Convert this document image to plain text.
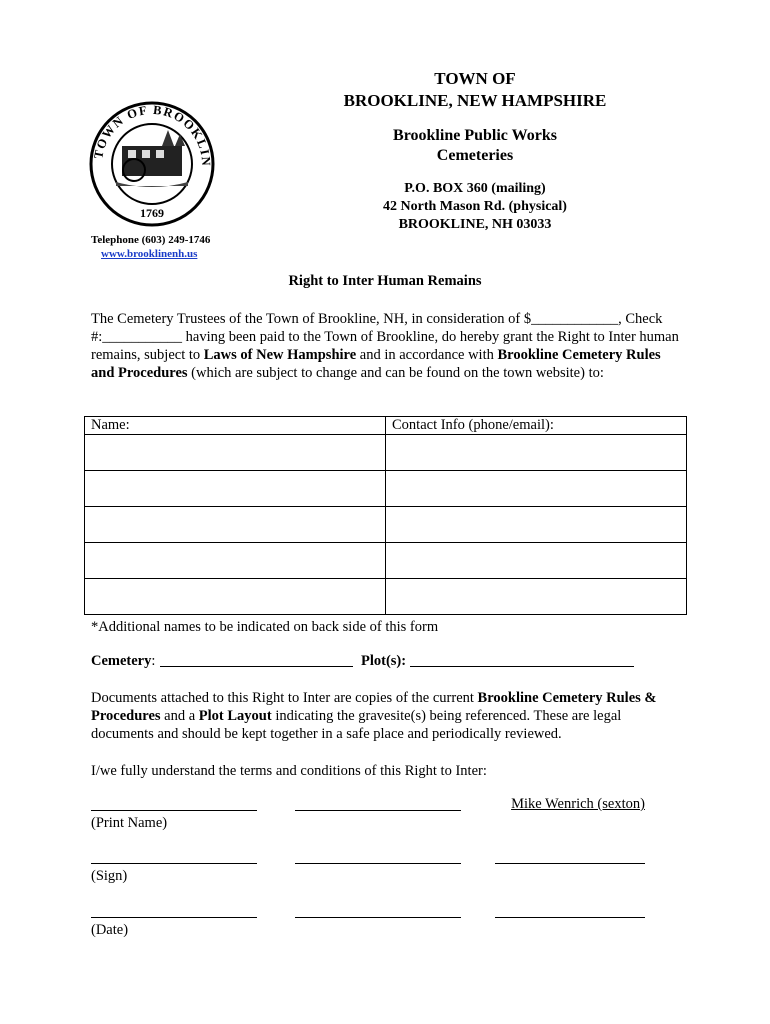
TOWN OF BROOKLIN
1769
TOWN OF
BROOKLINE, NEW HAMPSHIRE
Brookline Public Works
Cemeteries
P.O. BOX 360 (mailing)
42 North Mason Rd. (physical)
BROOKLINE, NH 03033
Telephone (603) 249-1746
www.brooklinenh.us
Right to Inter Human Remains
The Cemetery Trustees of the Town of Brookline, NH, in consideration of $____________, Check #:___________ having been paid to the Town of Brookline, do hereby grant the Right to Inter human remains, subject to Laws of New Hampshire and in accordance with Brookline Cemetery Rules and Procedures (which are subject to change and can be found on the town website) to:
Name:	Contact Info (phone/email):

*Additional names to be indicated on back side of this form
Cemetery:	Plot(s):
Documents attached to this Right to Inter are copies of the current Brookline Cemetery Rules & Procedures and a Plot Layout indicating the gravesite(s) being referenced. These are legal documents and should be kept together in a safe place and periodically reviewed.
I/we fully understand the terms and conditions of this Right to Inter:
Mike Wenrich (sexton)
(Print Name)
(Sign)
(Date)
